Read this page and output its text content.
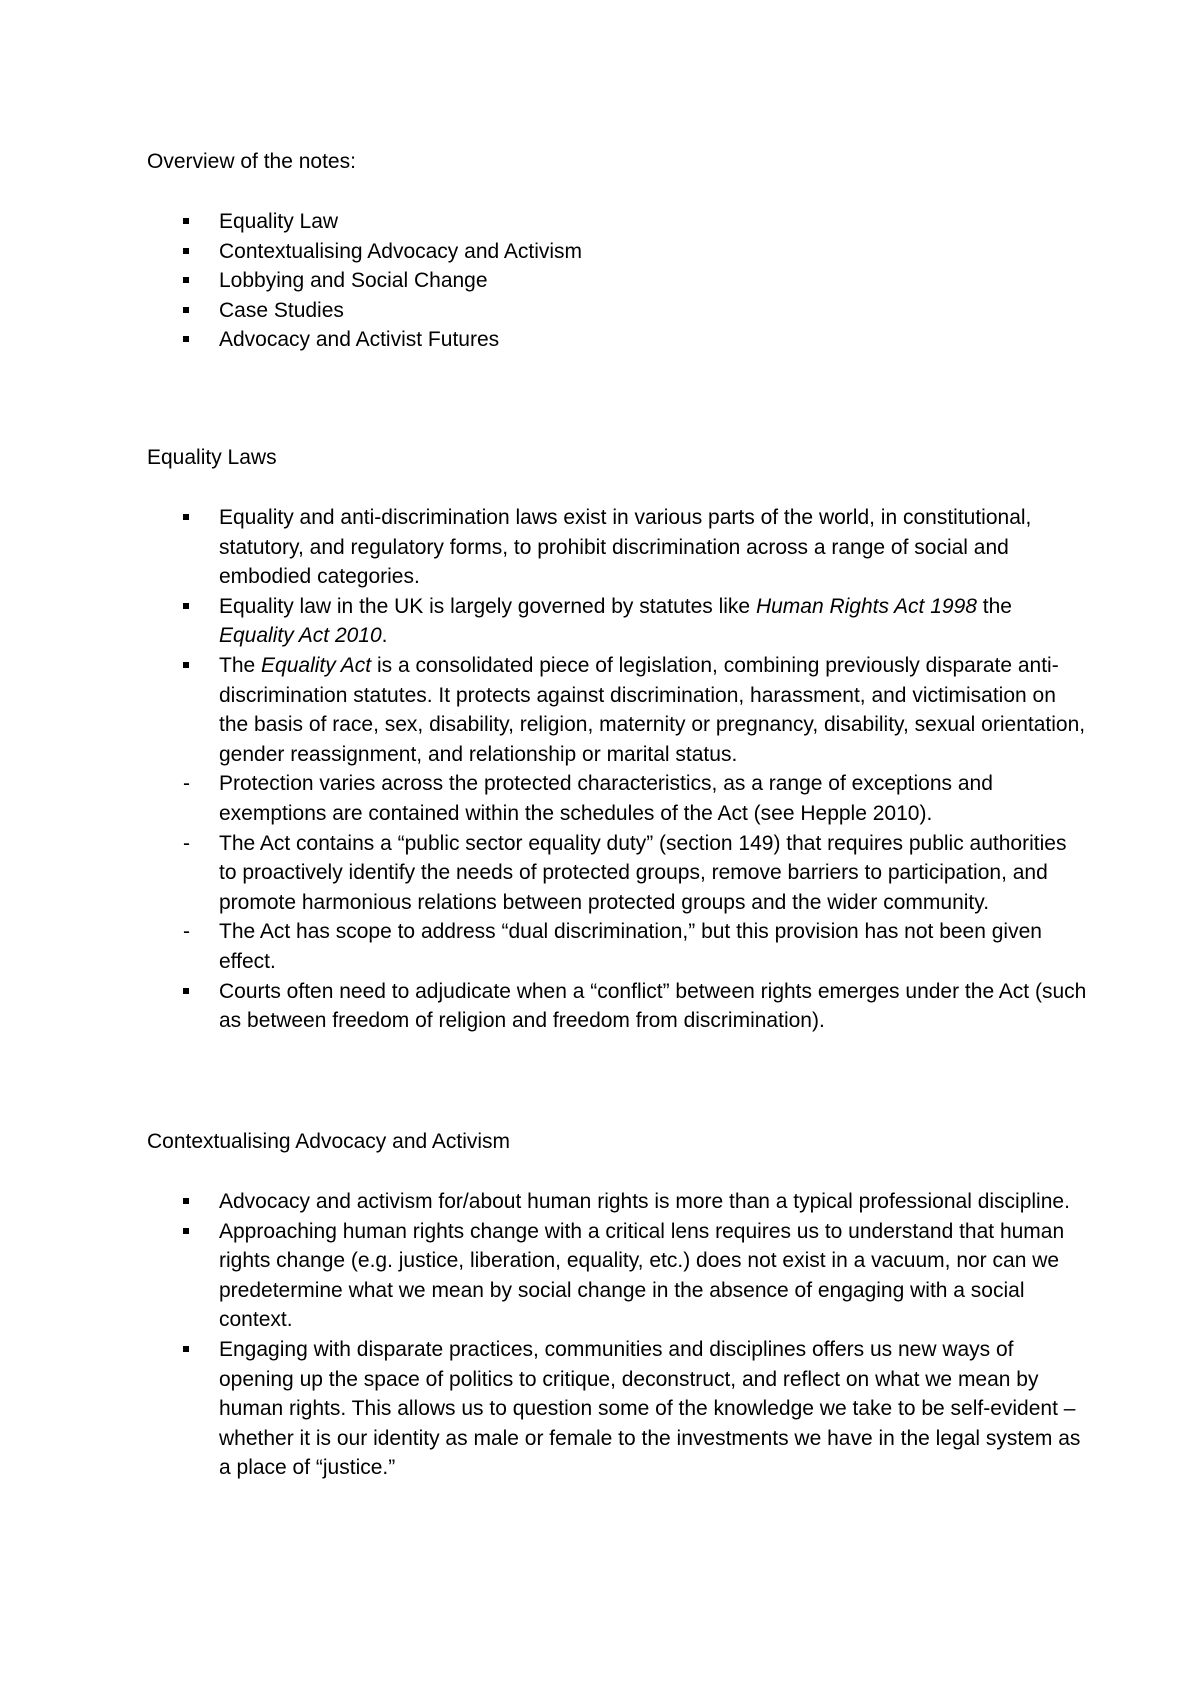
Overview of the notes:
Equality Law
Contextualising Advocacy and Activism
Lobbying and Social Change
Case Studies
Advocacy and Activist Futures
Equality Laws
Equality and anti-discrimination laws exist in various parts of the world, in constitutional, statutory, and regulatory forms, to prohibit discrimination across a range of social and embodied categories.
Equality law in the UK is largely governed by statutes like Human Rights Act 1998 the Equality Act 2010.
The Equality Act is a consolidated piece of legislation, combining previously disparate anti-discrimination statutes. It protects against discrimination, harassment, and victimisation on the basis of race, sex, disability, religion, maternity or pregnancy, disability, sexual orientation, gender reassignment, and relationship or marital status.
-	Protection varies across the protected characteristics, as a range of exceptions and exemptions are contained within the schedules of the Act (see Hepple 2010).
-	The Act contains a “public sector equality duty” (section 149) that requires public authorities to proactively identify the needs of protected groups, remove barriers to participation, and promote harmonious relations between protected groups and the wider community.
-	The Act has scope to address “dual discrimination,” but this provision has not been given effect.
Courts often need to adjudicate when a “conflict” between rights emerges under the Act (such as between freedom of religion and freedom from discrimination).
Contextualising Advocacy and Activism
Advocacy and activism for/about human rights is more than a typical professional discipline.
Approaching human rights change with a critical lens requires us to understand that human rights change (e.g. justice, liberation, equality, etc.) does not exist in a vacuum, nor can we predetermine what we mean by social change in the absence of engaging with a social context.
Engaging with disparate practices, communities and disciplines offers us new ways of opening up the space of politics to critique, deconstruct, and reflect on what we mean by human rights. This allows us to question some of the knowledge we take to be self-evident – whether it is our identity as male or female to the investments we have in the legal system as a place of “justice.”
